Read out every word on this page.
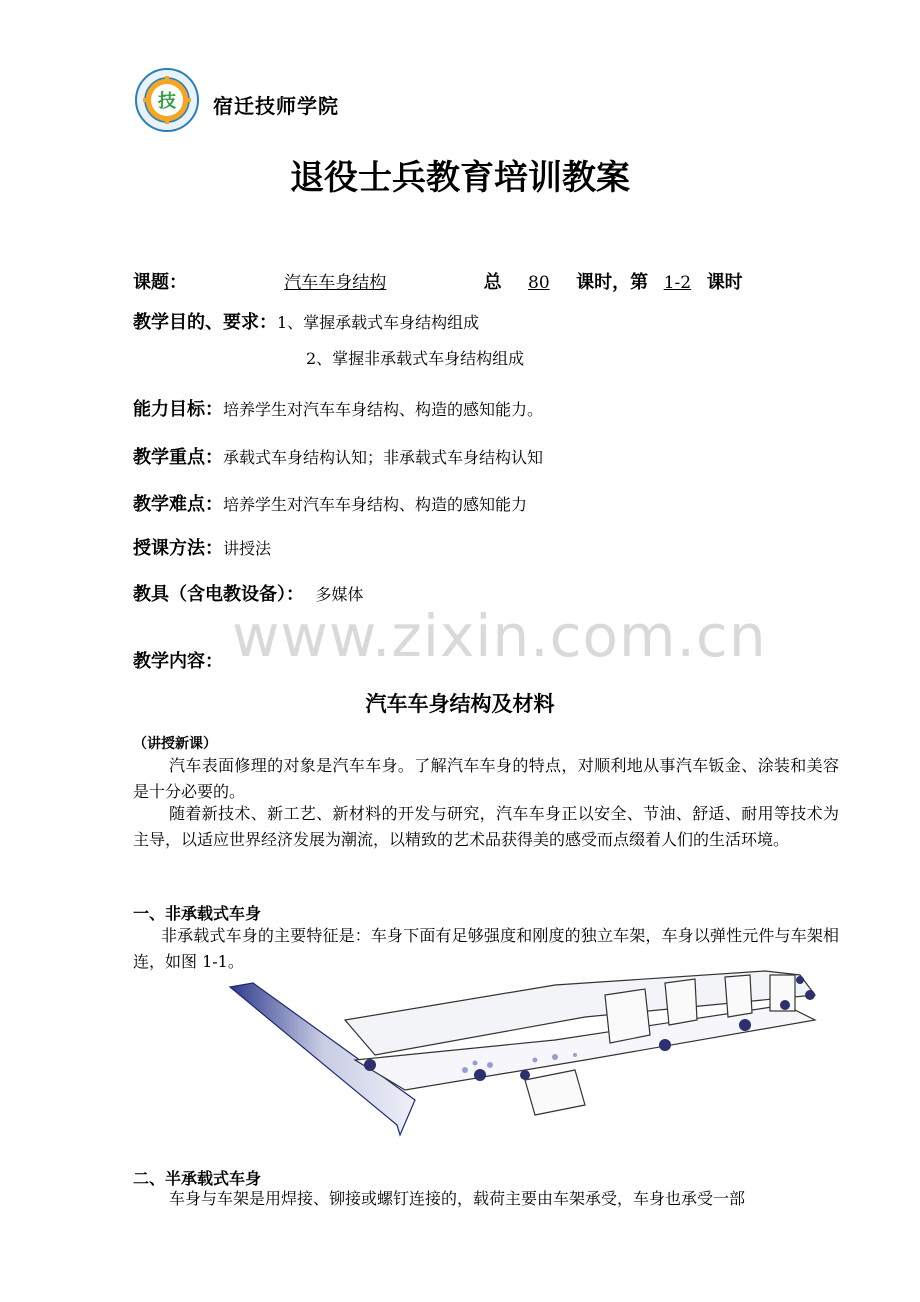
技 宿迁技师学院
退役士兵教育培训教案
课题：	汽车车身结构	总 80 课时，第 1-2 课时
教学目的、要求：1、掌握承载式车身结构组成
2、掌握非承载式车身结构组成
能力目标：培养学生对汽车车身结构、构造的感知能力。
教学重点：承载式车身结构认知；非承载式车身结构认知
教学难点：培养学生对汽车车身结构、构造的感知能力
授课方法：讲授法
教具（含电教设备）： 多媒体
www.zixin.com.cn
教学内容：
汽车车身结构及材料
（讲授新课）
汽车表面修理的对象是汽车车身。了解汽车车身的特点，对顺利地从事汽车钣金、涂装和美容是十分必要的。
随着新技术、新工艺、新材料的开发与研究，汽车车身正以安全、节油、舒适、耐用等技术为主导，以适应世界经济发展为潮流，以精致的艺术品获得美的感受而点缀着人们的生活环境。
一、非承载式车身
非承载式车身的主要特征是：车身下面有足够强度和刚度的独立车架，车身以弹性元件与车架相连，如图 1-1。
二、半承载式车身
车身与车架是用焊接、铆接或螺钉连接的，载荷主要由车架承受，车身也承受一部
